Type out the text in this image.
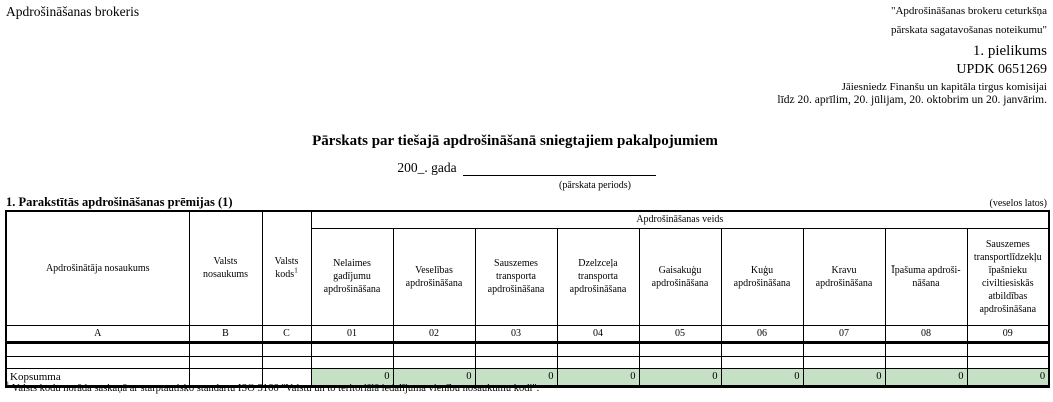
Apdrošināšanas brokeris	"Apdrošināšanas brokeru ceturkšņa
pārskata sagatavošanas noteikumu"
1. pielikums
UPDK 0651269
Jāiesniedz Finanšu un kapitāla tirgus komisijai
līdz 20. aprīlim, 20. jūlijam, 20. oktobrim un 20. janvārim.
Pārskats par tiešajā apdrošināšanā sniegtajiem pakalpojumiem
200_. gada
(pārskata periods)
1. Parakstītās apdrošināšanas prēmijas (1)	(veselos latos)
Apdrošinātāja nosaukums	Valsts nosaukums	Valsts kods$^1$	Apdrošināšanas veids								
			Nelaimes gadījumu apdrošināšana	Veselības apdrošināšana	Sauszemes transporta apdrošināšana	Dzelzceļa transporta apdrošināšana	Gaisakuģu apdrošināšana	Kuģu apdrošināšana	Kravu apdrošināšana	Īpašuma apdroši-nāšana	Sauszemes transportlīdzekļu īpašnieku civiltiesiskās atbildības apdrošināšana
A	B	C	01	02	03	04	05	06	07	08	09

Kopsumma			0	0	0	0	0	0	0	0	0
$^1$ Valsts kodu norāda saskaņā ar starptautisko standartu ISO 3166 "Valstu un to teritoriālā iedalījuma vienību nosaukumu kodi".
